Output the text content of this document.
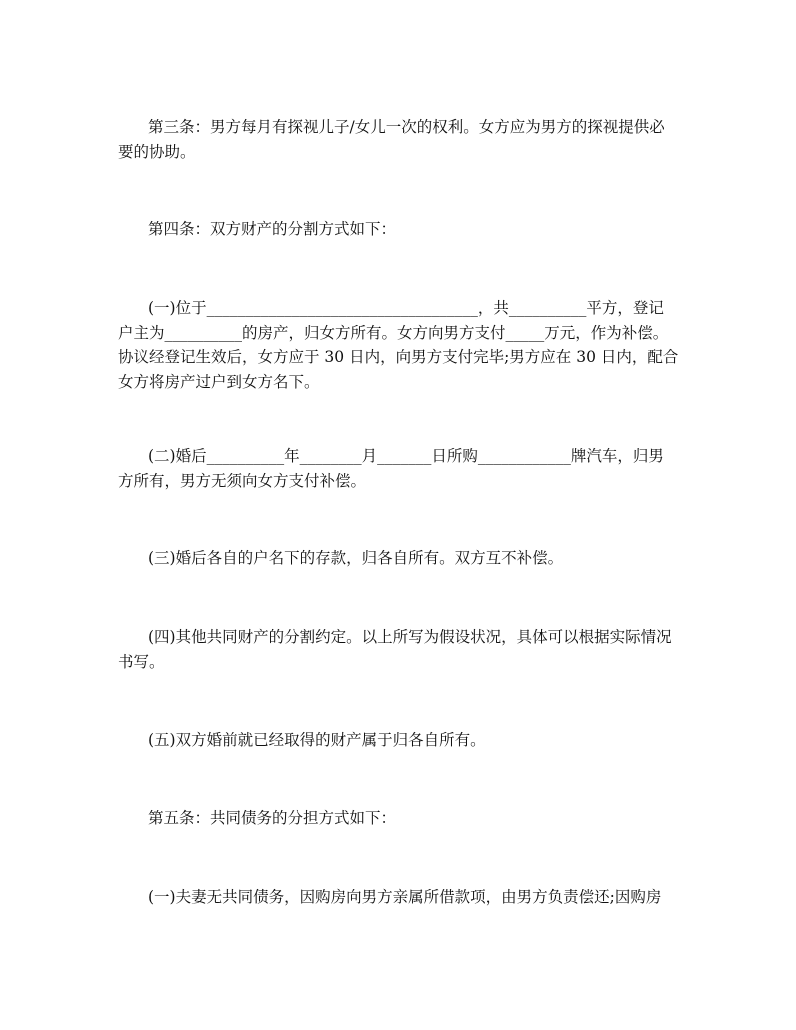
第三条：男方每月有探视儿子/女儿一次的权利。女方应为男方的探视提供必
要的协助。
第四条：双方财产的分割方式如下：
(一)位于___________________________________，共__________平方，登记
户主为__________的房产，归女方所有。女方向男方支付_____万元，作为补偿。
协议经登记生效后，女方应于 30 日内，向男方支付完毕;男方应在 30 日内，配合
女方将房产过户到女方名下。
(二)婚后__________年________月_______日所购____________牌汽车，归男
方所有，男方无须向女方支付补偿。
(三)婚后各自的户名下的存款，归各自所有。双方互不补偿。
(四)其他共同财产的分割约定。以上所写为假设状况，具体可以根据实际情况
书写。
(五)双方婚前就已经取得的财产属于归各自所有。
第五条：共同债务的分担方式如下：
(一)夫妻无共同债务，因购房向男方亲属所借款项，由男方负责偿还;因购房
